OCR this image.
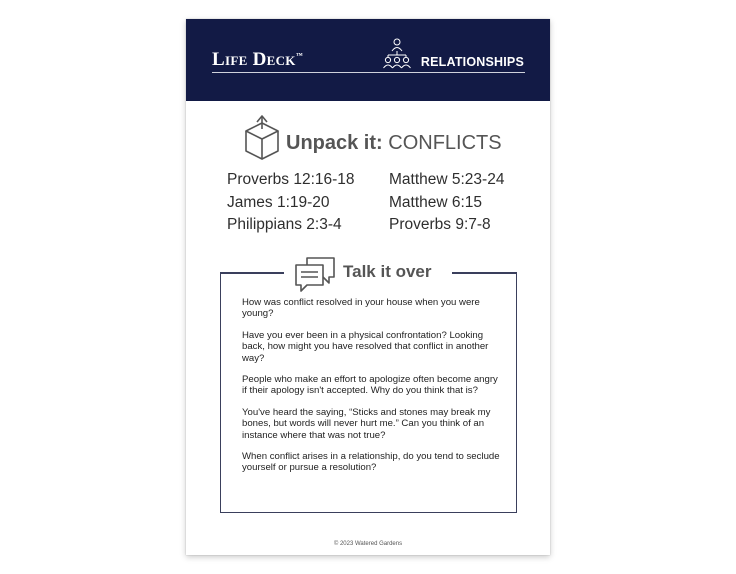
Life Deck™	RELATIONSHIPS
Unpack it: CONFLICTS
Proverbs 12:16-18
James 1:19-20
Philippians 2:3-4
Matthew 5:23-24
Matthew 6:15
Proverbs 9:7-8
Talk it over

How was conflict resolved in your house when you were young?

Have you ever been in a physical confrontation? Looking back, how might you have resolved that conflict in another way?

People who make an effort to apologize often become angry if their apology isn't accepted. Why do you think that is?

You've heard the saying, “Sticks and stones may break my bones, but words will never hurt me.” Can you think of an instance where that was not true?

When conflict arises in a relationship, do you tend to seclude yourself or pursue a resolution?

© 2023 Watered Gardens
